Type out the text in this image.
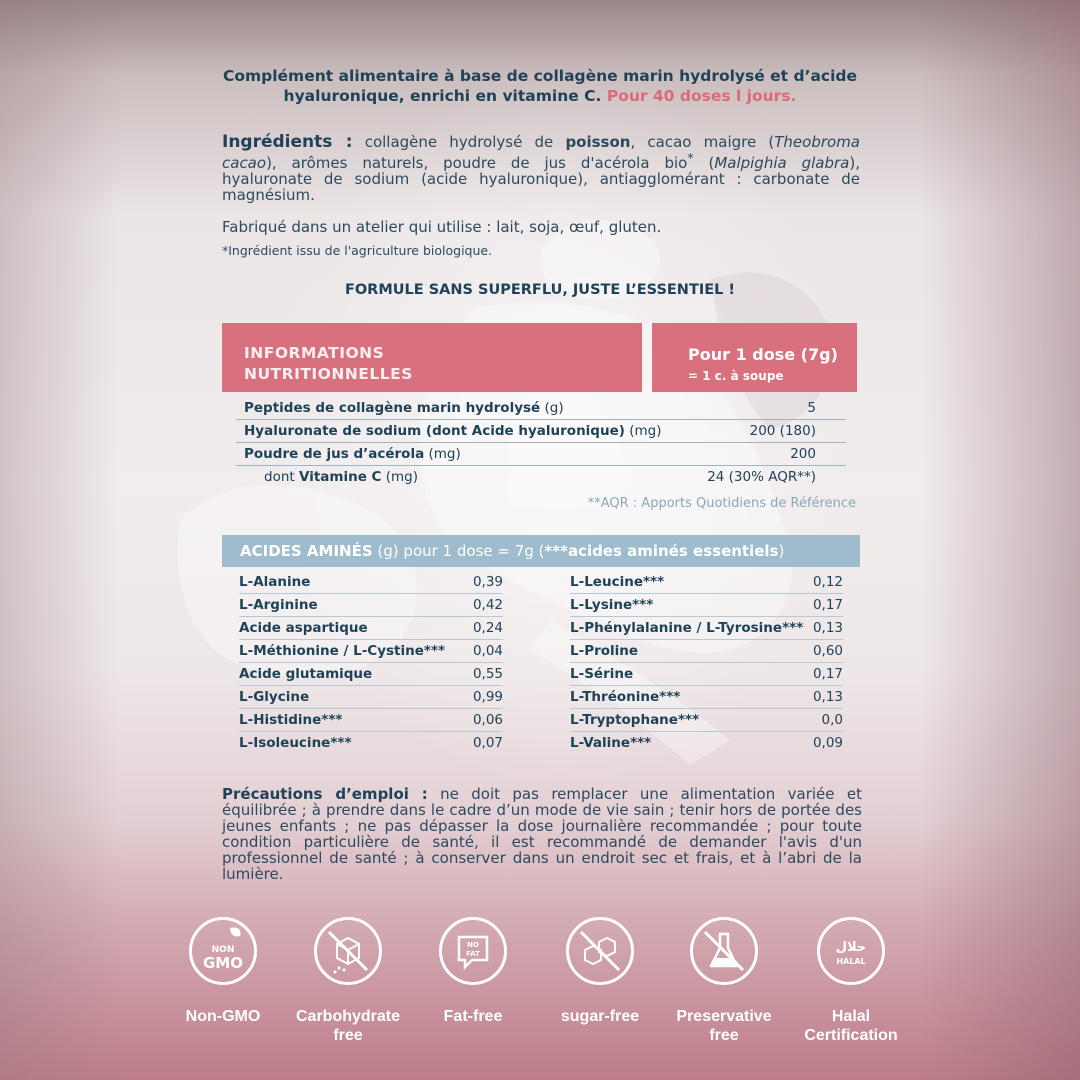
Complément alimentaire à base de collagène marin hydrolysé et d’acide hyaluronique, enrichi en vitamine C. Pour 40 doses l jours.
Ingrédients : collagène hydrolysé de poisson, cacao maigre (Theobroma cacao), arômes naturels, poudre de jus d'acérola bio* (Malpighia glabra), hyaluronate de sodium (acide hyaluronique), antiagglomérant : carbonate de magnésium.
Fabriqué dans un atelier qui utilise : lait, soja, œuf, gluten.
*Ingrédient issu de l'agriculture biologique.
FORMULE SANS SUPERFLU, JUSTE L’ESSENTIEL !
INFORMATIONS
NUTRITIONNELLES
Pour 1 dose (7g)
= 1 c. à soupe
Peptides de collagène marin hydrolysé (g)	5
Hyaluronate de sodium (dont Acide hyaluronique) (mg)	200 (180)
Poudre de jus d’acérola (mg)	200
dont Vitamine C (mg)	24 (30% AQR**)
**AQR : Apports Quotidiens de Référence
ACIDES AMINÉS (g) pour 1 dose = 7g (***acides aminés essentiels)
L-Alanine	0,39
L-Arginine	0,42
Acide aspartique	0,24
L-Méthionine / L-Cystine*** 0,04
Acide glutamique	0,55
L-Glycine	0,99
L-Histidine***	0,06
L-Isoleucine***	0,07
L-Leucine***	0,12
L-Lysine***	0,17
L-Phénylalanine / L-Tyrosine*** 0,13
L-Proline	0,60
L-Sérine	0,17
L-Thréonine***	0,13
L-Tryptophane***	0,0
L-Valine***	0,09
Précautions d’emploi : ne doit pas remplacer une alimentation variée et équilibrée ; à prendre dans le cadre d’un mode de vie sain ; tenir hors de portée des jeunes enfants ; ne pas dépasser la dose journalière recommandée ; pour toute condition particulière de santé, il est recommandé de demander l'avis d'un professionnel de santé ; à conserver dans un endroit sec et frais, et à l’abri de la lumière.
NON
GMO
Non-GMO	Carbohydrate
free
NO
FAT
Fat-free	sugar-free	Preservative
free
حلال
HALAL
Halal
Certification
